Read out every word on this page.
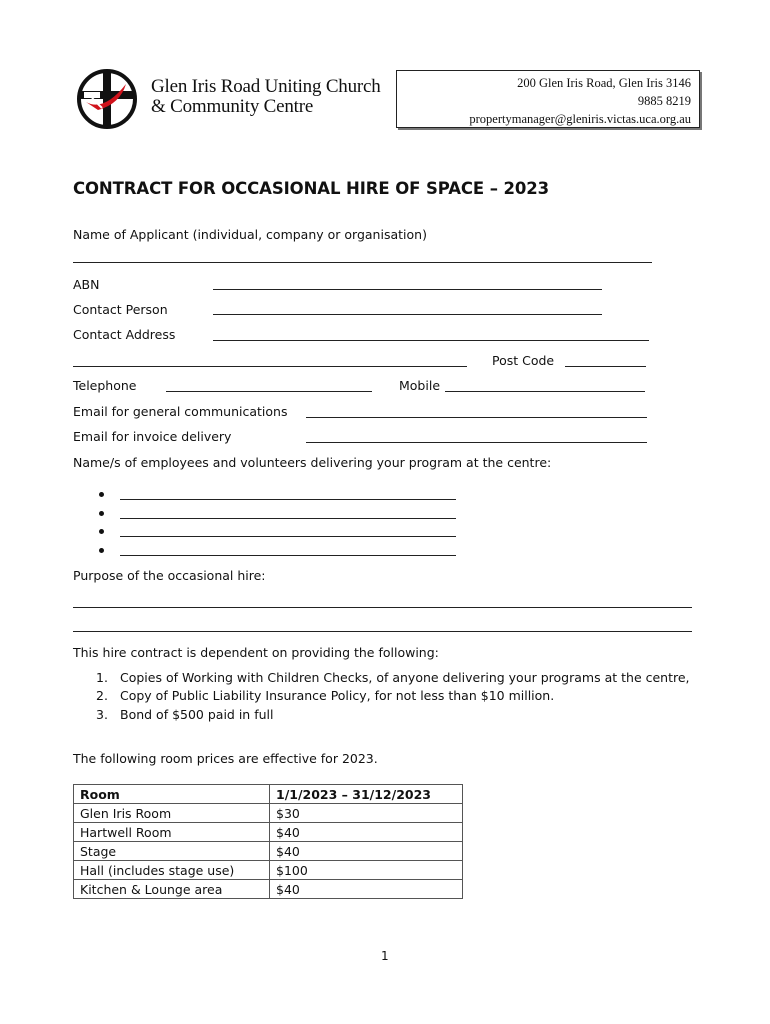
Glen Iris Road Uniting Church
& Community Centre
200 Glen Iris Road, Glen Iris 3146
9885 8219
propertymanager@gleniris.victas.uca.org.au
CONTRACT FOR OCCASIONAL HIRE OF SPACE – 2023
Name of Applicant (individual, company or organisation)
ABN
Contact Person
Contact Address
Post Code
Telephone	Mobile
Email for general communications
Email for invoice delivery
Name/s of employees and volunteers delivering your program at the centre:
Purpose of the occasional hire:
This hire contract is dependent on providing the following:
1. Copies of Working with Children Checks, of anyone delivering your programs at the centre,
2. Copy of Public Liability Insurance Policy, for not less than $10 million.
3. Bond of $500 paid in full
The following room prices are effective for 2023.
Room	1/1/2023 – 31/12/2023
Glen Iris Room	$30
Hartwell Room	$40
Stage	$40
Hall (includes stage use)	$100
Kitchen & Lounge area	$40
1
